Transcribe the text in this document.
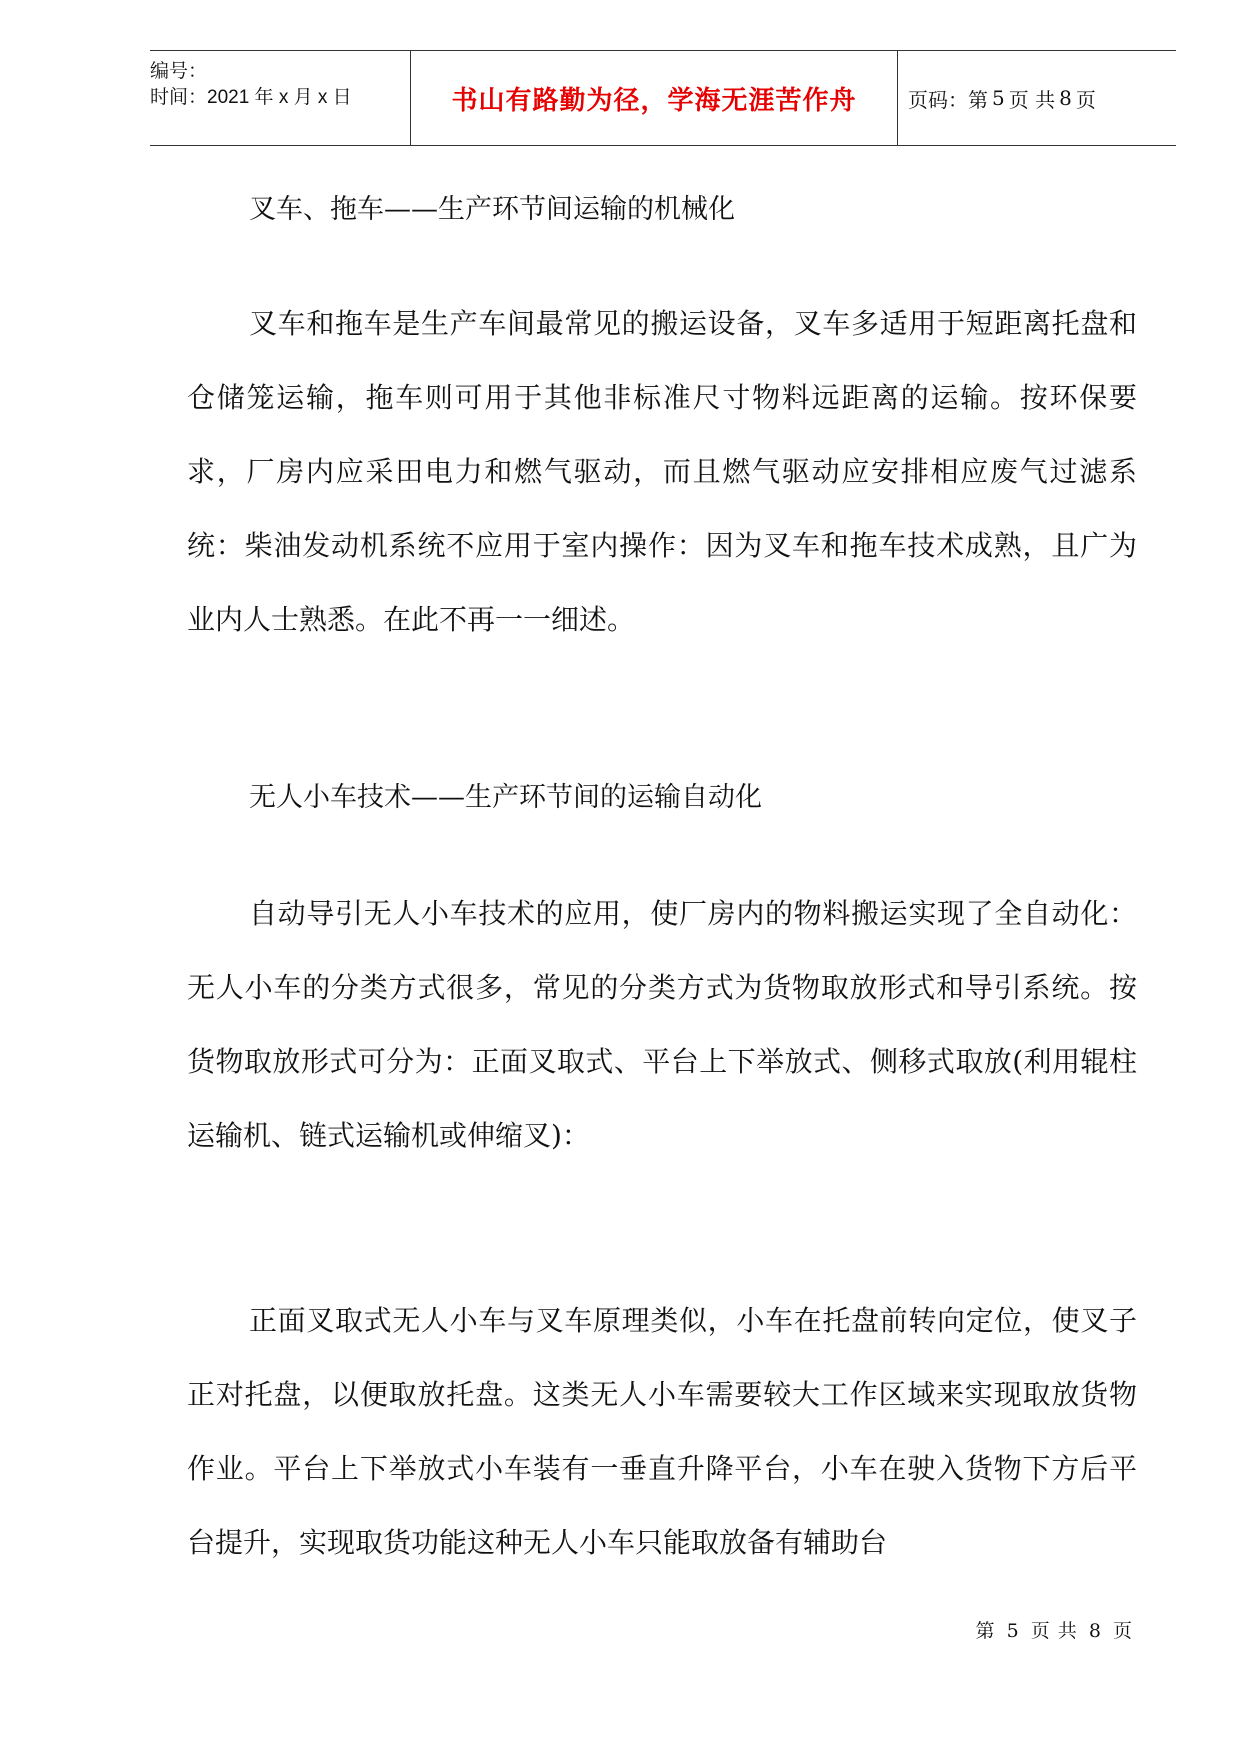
编号：
时间：2021 年 x 月 x 日	书山有路勤为径，学海无涯苦作舟	页码：第 5 页 共 8 页
叉车、拖车——生产环节间运输的机械化

叉车和拖车是生产车间最常见的搬运设备，叉车多适用于短距离托盘和仓储笼运输，拖车则可用于其他非标准尺寸物料远距离的运输。按环保要求，厂房内应采田电力和燃气驱动，而且燃气驱动应安排相应废气过滤系统：柴油发动机系统不应用于室内操作：因为叉车和拖车技术成熟，且广为业内人士熟悉。在此不再一一细述。

无人小车技术——生产环节间的运输自动化

自动导引无人小车技术的应用，使厂房内的物料搬运实现了全自动化：无人小车的分类方式很多，常见的分类方式为货物取放形式和导引系统。按货物取放形式可分为：正面叉取式、平台上下举放式、侧移式取放(利用辊柱运输机、链式运输机或伸缩叉)：

正面叉取式无人小车与叉车原理类似，小车在托盘前转向定位，使叉子正对托盘，以便取放托盘。这类无人小车需要较大工作区域来实现取放货物作业。平台上下举放式小车装有一垂直升降平台，小车在驶入货物下方后平台提升，实现取货功能这种无人小车只能取放备有辅助台

第 5 页 共 8 页
